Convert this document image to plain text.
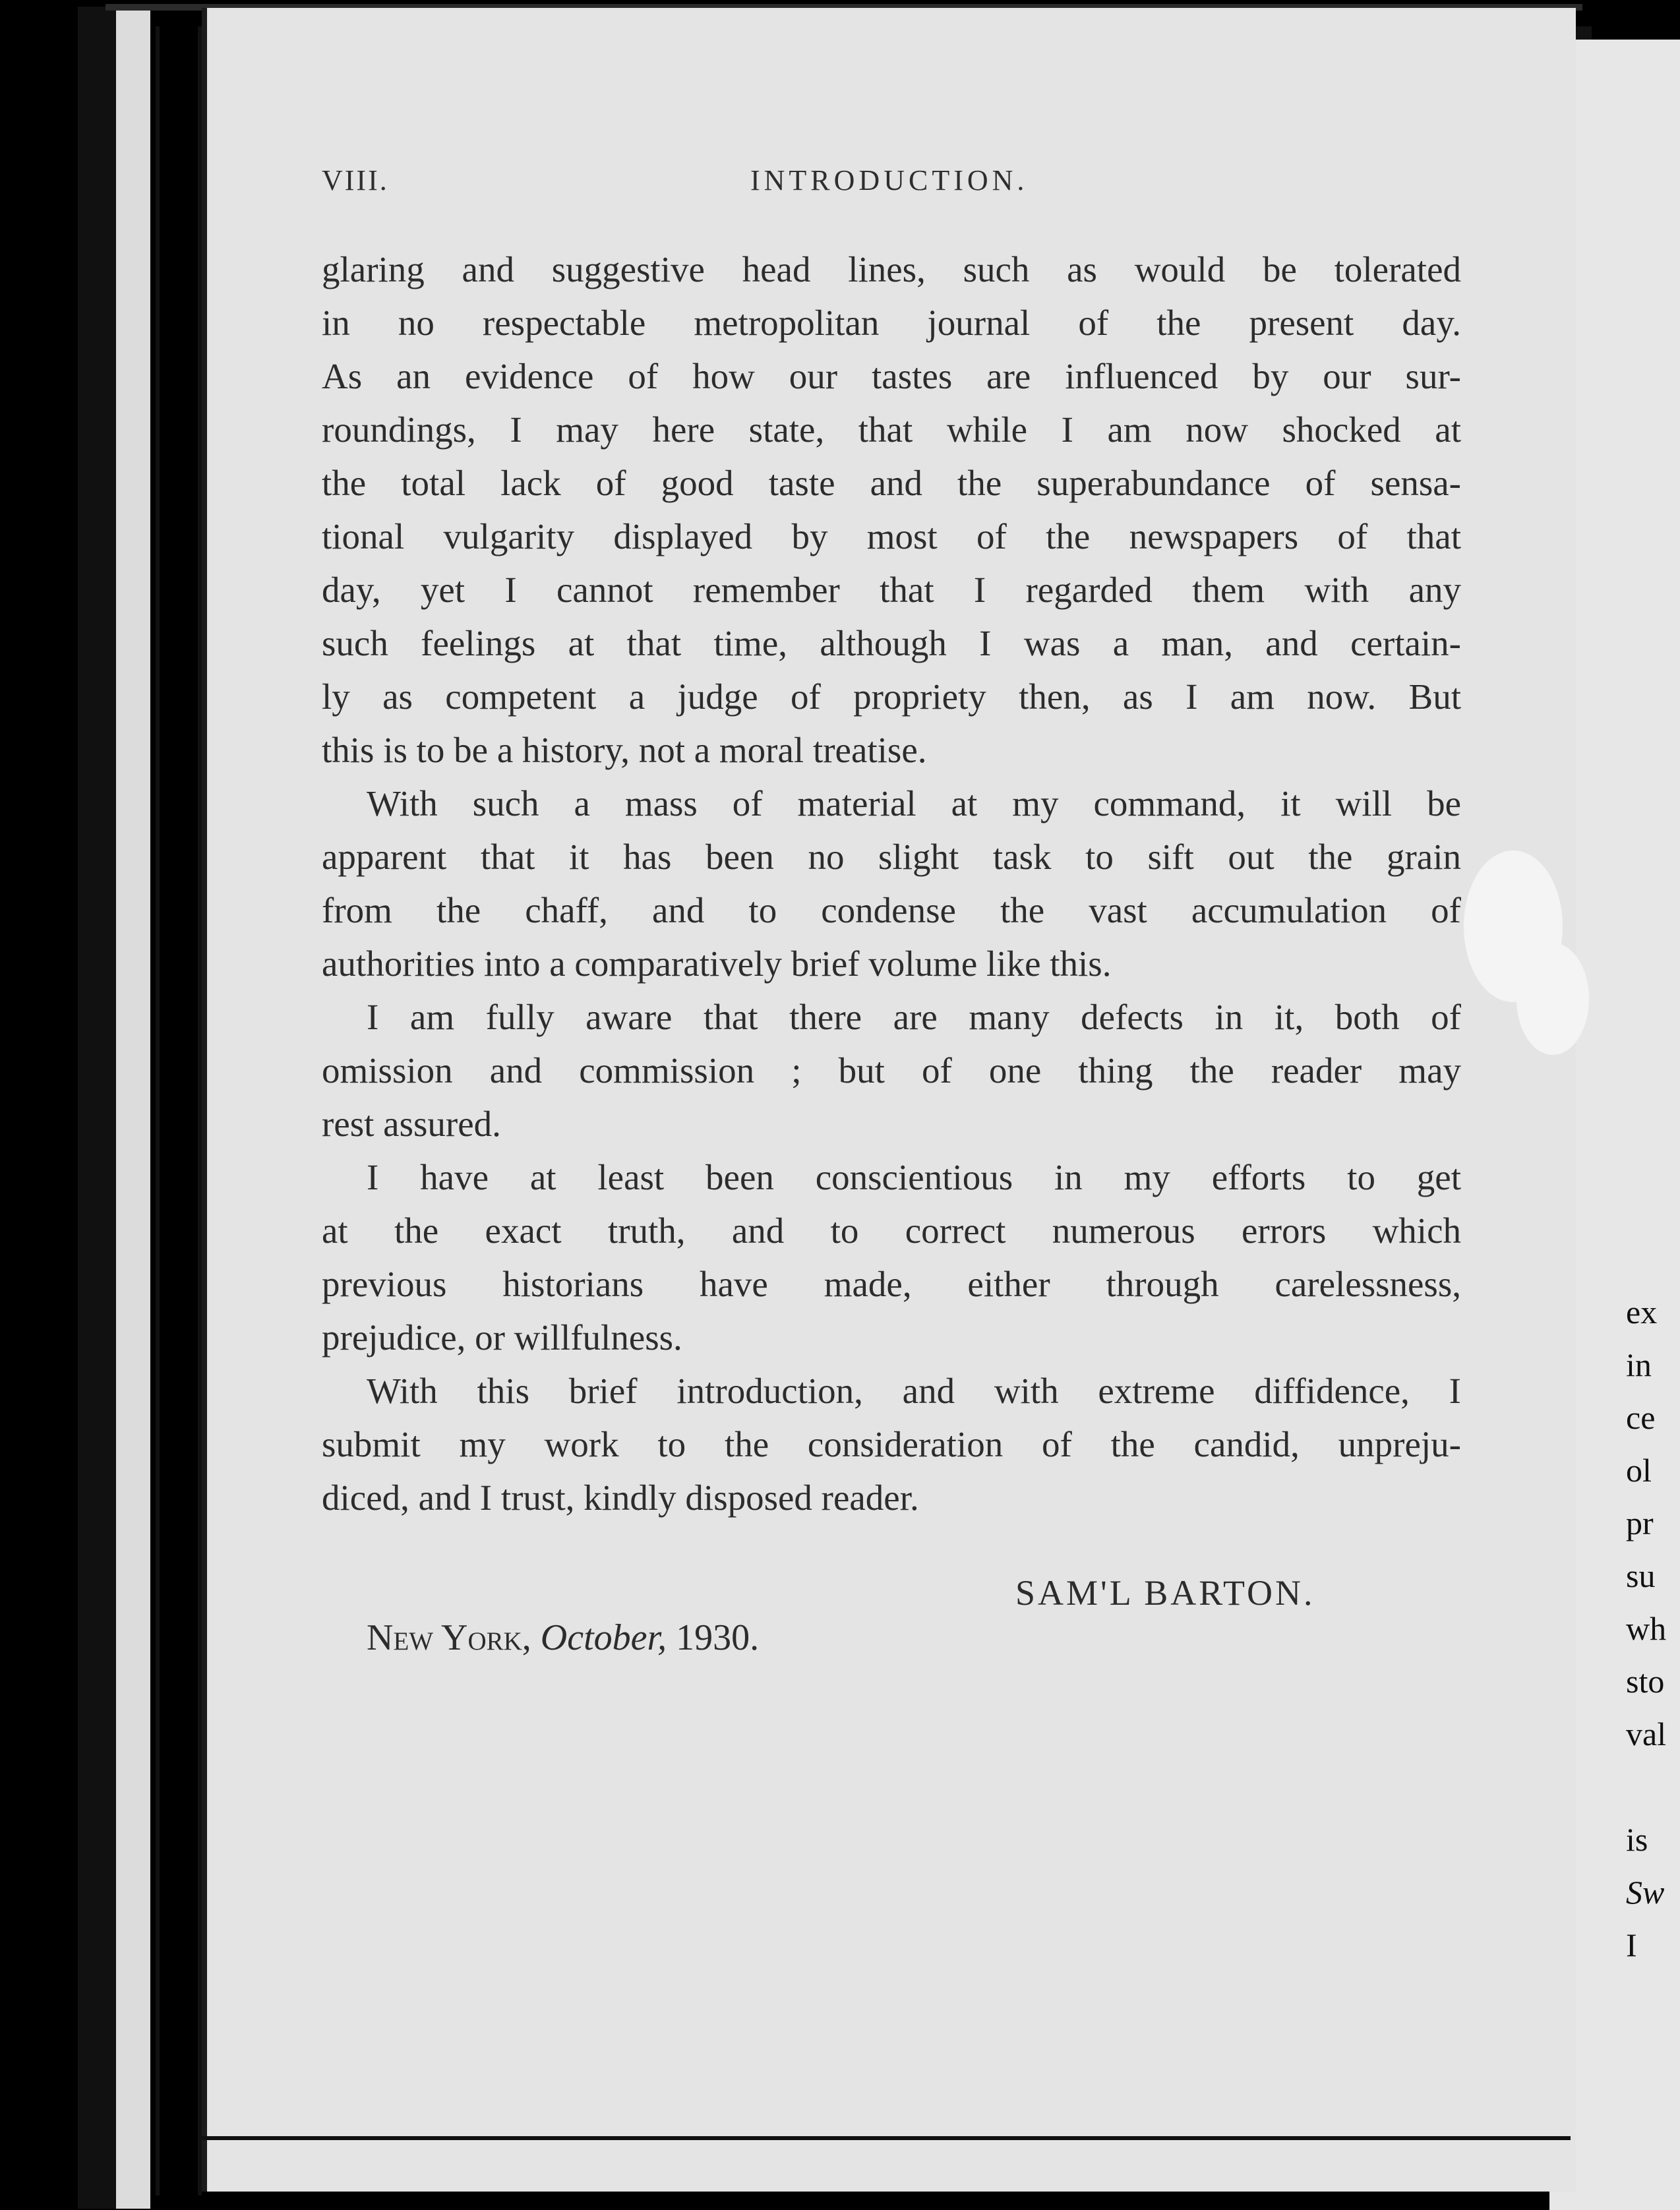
VIII.	INTRODUCTION.
glaring and suggestive head lines, such as would be tolerated
in no respectable metropolitan journal of the present day.
As an evidence of how our tastes are influenced by our sur-
roundings, I may here state, that while I am now shocked at
the total lack of good taste and the superabundance of sensa-
tional vulgarity displayed by most of the newspapers of that
day, yet I cannot remember that I regarded them with any
such feelings at that time, although I was a man, and certain-
ly as competent a judge of propriety then, as I am now. But
this is to be a history, not a moral treatise.
With such a mass of material at my command, it will be
apparent that it has been no slight task to sift out the grain
from the chaff, and to condense the vast accumulation of
authorities into a comparatively brief volume like this.
I am fully aware that there are many defects in it, both of
omission and commission ; but of one thing the reader may
rest assured.
I have at least been conscientious in my efforts to get
at the exact truth, and to correct numerous errors which
previous historians have made, either through carelessness,
prejudice, or willfulness.
With this brief introduction, and with extreme diffidence, I
submit my work to the consideration of the candid, unpreju-
diced, and I trust, kindly disposed reader.
SAM'L BARTON.
New York, October, 1930.
ex
in
ce
ol
pr
su
wh
sto
val

is
Sw
I
